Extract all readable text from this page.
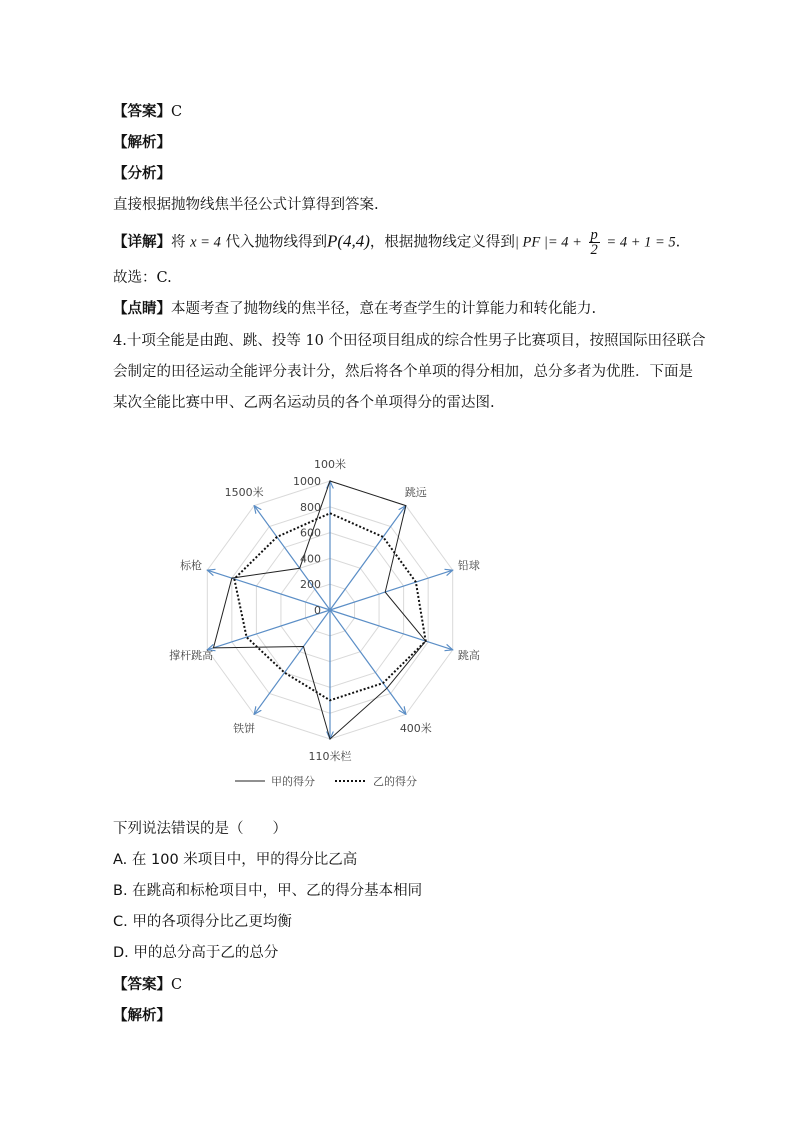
【答案】C
【解析】
【分析】
直接根据抛物线焦半径公式计算得到答案.
【详解】将 x = 4 代入抛物线得到P(4,4)，根据抛物线定义得到| PF |= $4 + \frac{p}{2} = 4 + 1 = 5$.
故选：C.
【点睛】本题考查了抛物线的焦半径，意在考查学生的计算能力和转化能力.
4.十项全能是由跑、跳、投等 10 个田径项目组成的综合性男子比赛项目，按照国际田径联合
会制定的田径运动全能评分表计分，然后将各个单项的得分相加，总分多者为优胜．下面是
某次全能比赛中甲、乙两名运动员的各个单项得分的雷达图.
100米
跳远
铅球
跳高
400米
110米栏
铁饼
撑杆跳高
标枪
1500米
0
200
400
600
800
1000
甲的得分	乙的得分
下列说法错误的是（　　）
A. 在 100 米项目中，甲的得分比乙高
B. 在跳高和标枪项目中，甲、乙的得分基本相同
C. 甲的各项得分比乙更均衡
D. 甲的总分高于乙的总分
【答案】C
【解析】
